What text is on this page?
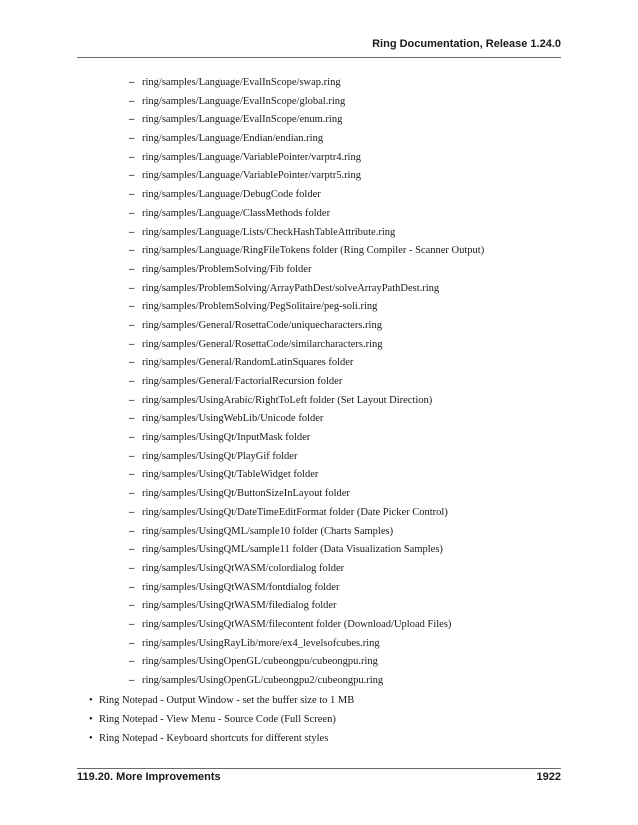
Ring Documentation, Release 1.24.0
– ring/samples/Language/EvalInScope/swap.ring
– ring/samples/Language/EvalInScope/global.ring
– ring/samples/Language/EvalInScope/enum.ring
– ring/samples/Language/Endian/endian.ring
– ring/samples/Language/VariablePointer/varptr4.ring
– ring/samples/Language/VariablePointer/varptr5.ring
– ring/samples/Language/DebugCode folder
– ring/samples/Language/ClassMethods folder
– ring/samples/Language/Lists/CheckHashTableAttribute.ring
– ring/samples/Language/RingFileTokens folder (Ring Compiler - Scanner Output)
– ring/samples/ProblemSolving/Fib folder
– ring/samples/ProblemSolving/ArrayPathDest/solveArrayPathDest.ring
– ring/samples/ProblemSolving/PegSolitaire/peg-soli.ring
– ring/samples/General/RosettaCode/uniquecharacters.ring
– ring/samples/General/RosettaCode/similarcharacters.ring
– ring/samples/General/RandomLatinSquares folder
– ring/samples/General/FactorialRecursion folder
– ring/samples/UsingArabic/RightToLeft folder (Set Layout Direction)
– ring/samples/UsingWebLib/Unicode folder
– ring/samples/UsingQt/InputMask folder
– ring/samples/UsingQt/PlayGif folder
– ring/samples/UsingQt/TableWidget folder
– ring/samples/UsingQt/ButtonSizeInLayout folder
– ring/samples/UsingQt/DateTimeEditFormat folder (Date Picker Control)
– ring/samples/UsingQML/sample10 folder (Charts Samples)
– ring/samples/UsingQML/sample11 folder (Data Visualization Samples)
– ring/samples/UsingQtWASM/colordialog folder
– ring/samples/UsingQtWASM/fontdialog folder
– ring/samples/UsingQtWASM/filedialog folder
– ring/samples/UsingQtWASM/filecontent folder (Download/Upload Files)
– ring/samples/UsingRayLib/more/ex4_levelsofcubes.ring
– ring/samples/UsingOpenGL/cubeongpu/cubeongpu.ring
– ring/samples/UsingOpenGL/cubeongpu2/cubeongpu.ring
• Ring Notepad - Output Window - set the buffer size to 1 MB
• Ring Notepad - View Menu - Source Code (Full Screen)
• Ring Notepad - Keyboard shortcuts for different styles
119.20. More Improvements	1922
